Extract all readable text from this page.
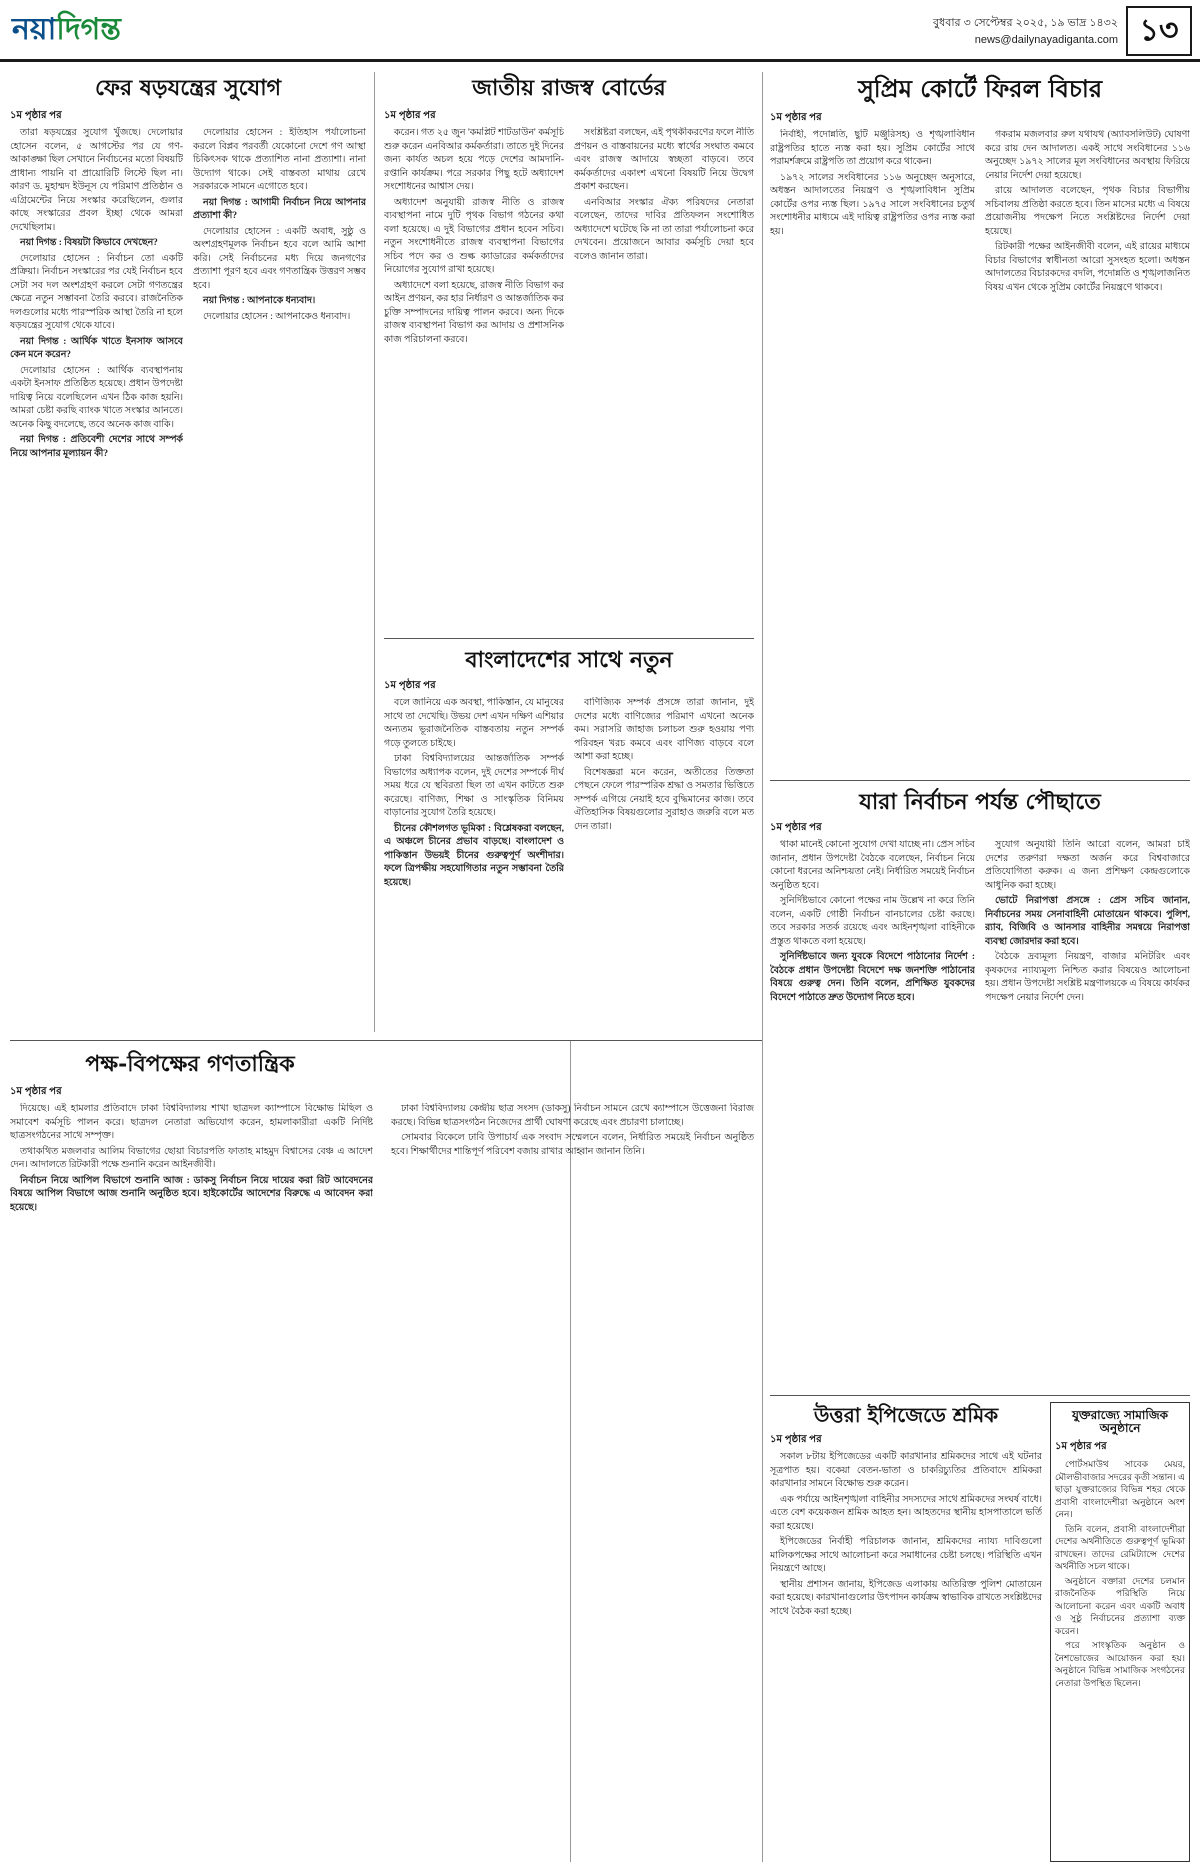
নয়াদিগন্ত	বুধবার ৩ সেপ্টেম্বর ২০২৫, ১৯ ভাদ্র ১৪৩২
news@dailynayadiganta.com ১৩
ফের ষড়যন্ত্রের সুযোগ
১ম পৃষ্ঠার পর

তারা ষড়যন্ত্রের সুযোগ খুঁজছে। দেলোয়ার হোসেন বলেন, ৫ আগস্টের পর যে গণ-আকাঙ্ক্ষা ছিল সেখানে নির্বাচনের মতো বিষয়টি প্রাধান্য পায়নি বা প্রায়োরিটি লিস্টে ছিল না। কারণ ড. মুহাম্মদ ইউনূস যে পরিমাণ প্রতিষ্ঠান ও এগ্রিমেন্টের নিয়ে সংস্কার করেছিলেন, গুলার কাছে সংস্কারের প্রবল ইচ্ছা থেকে আমরা দেখেছিলাম।

নয়া দিগন্ত : বিষয়টা কিভাবে দেখছেন?

দেলোয়ার হোসেন : নির্বাচন তো একটি প্রক্রিয়া। নির্বাচন সংস্কারের পর যেই নির্বাচন হবে সেটা সব দল অংশগ্রহণ করলে সেটা গণতন্ত্রের ক্ষেত্রে নতুন সম্ভাবনা তৈরি করবে। রাজনৈতিক দলগুলোর মধ্যে পারস্পরিক আস্থা তৈরি না হলে ষড়যন্ত্রের সুযোগ থেকে যাবে।

নয়া দিগন্ত : আর্থিক খাতে ইনসাফ আসবে কেন মনে করেন?

দেলোয়ার হোসেন : আর্থিক ব্যবস্থাপনায় একটা ইনসাফ প্রতিষ্ঠিত হয়েছে। প্রধান উপদেষ্টা দায়িত্ব নিয়ে বলেছিলেন এখন ঠিক কাজ হয়নি। আমরা চেষ্টা করছি ব্যাংক খাতে সংস্কার আনতে। অনেক কিছু বদলেছে, তবে অনেক কাজ বাকি।

নয়া দিগন্ত : প্রতিবেশী দেশের সাথে সম্পর্ক নিয়ে আপনার মূল্যায়ন কী?

দেলোয়ার হোসেন : ইতিহাস পর্যালোচনা করলে বিপ্লব পরবর্তী যেকোনো দেশে গণ আস্থা চিকিৎসক থাকে প্রত্যাশিত নানা প্রত্যাশা। নানা উদ্যোগ থাকে। সেই বাস্তবতা মাথায় রেখে সরকারকে সামনে এগোতে হবে।

নয়া দিগন্ত : আগামী নির্বাচন নিয়ে আপনার প্রত্যাশা কী?

দেলোয়ার হোসেন : একটি অবাধ, সুষ্ঠু ও অংশগ্রহণমূলক নির্বাচন হবে বলে আমি আশা করি। সেই নির্বাচনের মধ্য দিয়ে জনগণের প্রত্যাশা পূরণ হবে এবং গণতান্ত্রিক উত্তরণ সম্ভব হবে।

নয়া দিগন্ত : আপনাকে ধন্যবাদ।

দেলোয়ার হোসেন : আপনাকেও ধন্যবাদ।

জাতীয় রাজস্ব বোর্ডের
১ম পৃষ্ঠার পর

করেন। গত ২৫ জুন 'কমপ্লিট শাটডাউন' কর্মসূচি শুরু করেন এনবিআর কর্মকর্তারা। তাতে দুই দিনের জন্য কার্যত অচল হয়ে পড়ে দেশের আমদানি-রপ্তানি কার্যক্রম। পরে সরকার পিছু হটে অধ্যাদেশ সংশোধনের আশ্বাস দেয়।

অধ্যাদেশ অনুযায়ী রাজস্ব নীতি ও রাজস্ব ব্যবস্থাপনা নামে দুটি পৃথক বিভাগ গঠনের কথা বলা হয়েছে। এ দুই বিভাগের প্রধান হবেন সচিব। নতুন সংশোধনীতে রাজস্ব ব্যবস্থাপনা বিভাগের সচিব পদে কর ও শুল্ক ক্যাডারের কর্মকর্তাদের নিয়োগের সুযোগ রাখা হয়েছে।

অধ্যাদেশে বলা হয়েছে, রাজস্ব নীতি বিভাগ কর আইন প্রণয়ন, কর হার নির্ধারণ ও আন্তর্জাতিক কর চুক্তি সম্পাদনের দায়িত্ব পালন করবে। অন্য দিকে রাজস্ব ব্যবস্থাপনা বিভাগ কর আদায় ও প্রশাসনিক কাজ পরিচালনা করবে।

সংশ্লিষ্টরা বলছেন, এই পৃথকীকরণের ফলে নীতি প্রণয়ন ও বাস্তবায়নের মধ্যে স্বার্থের সংঘাত কমবে এবং রাজস্ব আদায়ে স্বচ্ছতা বাড়বে। তবে কর্মকর্তাদের একাংশ এখনো বিষয়টি নিয়ে উদ্বেগ প্রকাশ করছেন।

এনবিআর সংস্কার ঐক্য পরিষদের নেতারা বলেছেন, তাদের দাবির প্রতিফলন সংশোধিত অধ্যাদেশে ঘটেছে কি না তা তারা পর্যালোচনা করে দেখবেন। প্রয়োজনে আবার কর্মসূচি দেয়া হবে বলেও জানান তারা।

বাংলাদেশের সাথে নতুন
১ম পৃষ্ঠার পর

বলে জানিয়ে এক অবস্থা, পাকিস্তান, যে মানুষের সাথে তা দেখেছি। উভয় দেশ এখন দক্ষিণ এশিয়ার অন্যতম ভূরাজনৈতিক বাস্তবতায় নতুন সম্পর্ক গড়ে তুলতে চাইছে।

ঢাকা বিশ্ববিদ্যালয়ের আন্তর্জাতিক সম্পর্ক বিভাগের অধ্যাপক বলেন, দুই দেশের সম্পর্কে দীর্ঘ সময় ধরে যে স্থবিরতা ছিল তা এখন কাটতে শুরু করেছে। বাণিজ্য, শিক্ষা ও সাংস্কৃতিক বিনিময় বাড়ানোর সুযোগ তৈরি হয়েছে।

চীনের কৌশলগত ভূমিকা : বিশ্লেষকরা বলছেন, এ অঞ্চলে চীনের প্রভাব বাড়ছে। বাংলাদেশ ও পাকিস্তান উভয়ই চীনের গুরুত্বপূর্ণ অংশীদার। ফলে ত্রিপক্ষীয় সহযোগিতার নতুন সম্ভাবনা তৈরি হয়েছে।

বাণিজ্যিক সম্পর্ক প্রসঙ্গে তারা জানান, দুই দেশের মধ্যে বাণিজ্যের পরিমাণ এখনো অনেক কম। সরাসরি জাহাজ চলাচল শুরু হওয়ায় পণ্য পরিবহন খরচ কমবে এবং বাণিজ্য বাড়বে বলে আশা করা হচ্ছে।

বিশেষজ্ঞরা মনে করেন, অতীতের তিক্ততা পেছনে ফেলে পারস্পরিক শ্রদ্ধা ও সমতার ভিত্তিতে সম্পর্ক এগিয়ে নেয়াই হবে বুদ্ধিমানের কাজ। তবে ঐতিহাসিক বিষয়গুলোর সুরাহাও জরুরি বলে মত দেন তারা।

সুপ্রিম কোর্টে ফিরল বিচার
১ম পৃষ্ঠার পর

নির্বাহী, পদোন্নতি, ছুটি মঞ্জুরিসহ) ও শৃঙ্খলাবিধান রাষ্ট্রপতির হাতে ন্যস্ত করা হয়। সুপ্রিম কোর্টের সাথে পরামর্শক্রমে রাষ্ট্রপতি তা প্রয়োগ করে থাকেন।

১৯৭২ সালের সংবিধানের ১১৬ অনুচ্ছেদ অনুসারে, অধস্তন আদালতের নিয়ন্ত্রণ ও শৃঙ্খলাবিধান সুপ্রিম কোর্টের ওপর ন্যস্ত ছিল। ১৯৭৫ সালে সংবিধানের চতুর্থ সংশোধনীর মাধ্যমে এই দায়িত্ব রাষ্ট্রপতির ওপর ন্যস্ত করা হয়।

গকরাম মজলবার রুল যথাযথ (অ্যাবসলিউট) ঘোষণা করে রায় দেন আদালত। একই সাথে সংবিধানের ১১৬ অনুচ্ছেদ ১৯৭২ সালের মূল সংবিধানের অবস্থায় ফিরিয়ে নেয়ার নির্দেশ দেয়া হয়েছে।

রায়ে আদালত বলেছেন, পৃথক বিচার বিভাগীয় সচিবালয় প্রতিষ্ঠা করতে হবে। তিন মাসের মধ্যে এ বিষয়ে প্রয়োজনীয় পদক্ষেপ নিতে সংশ্লিষ্টদের নির্দেশ দেয়া হয়েছে।

রিটকারী পক্ষের আইনজীবী বলেন, এই রায়ের মাধ্যমে বিচার বিভাগের স্বাধীনতা আরো সুসংহত হলো। অধস্তন আদালতের বিচারকদের বদলি, পদোন্নতি ও শৃঙ্খলাজনিত বিষয় এখন থেকে সুপ্রিম কোর্টের নিয়ন্ত্রণে থাকবে।

যারা নির্বাচন পর্যন্ত পৌছাতে
১ম পৃষ্ঠার পর

থাকা মানেই কোনো সুযোগ দেখা যাচ্ছে না। প্রেস সচিব জানান, প্রধান উপদেষ্টা বৈঠকে বলেছেন, নির্বাচন নিয়ে কোনো ধরনের অনিশ্চয়তা নেই। নির্ধারিত সময়েই নির্বাচন অনুষ্ঠিত হবে।

সুনির্দিষ্টভাবে কোনো পক্ষের নাম উল্লেখ না করে তিনি বলেন, একটি গোষ্ঠী নির্বাচন বানচালের চেষ্টা করছে। তবে সরকার সতর্ক রয়েছে এবং আইনশৃঙ্খলা বাহিনীকে প্রস্তুত থাকতে বলা হয়েছে।

সুনির্দিষ্টভাবে জন্য যুবকে বিদেশে পাঠানোর নির্দেশ : বৈঠকে প্রধান উপদেষ্টা বিদেশে দক্ষ জনশক্তি পাঠানোর বিষয়ে গুরুত্ব দেন। তিনি বলেন, প্রশিক্ষিত যুবকদের বিদেশে পাঠাতে দ্রুত উদ্যোগ নিতে হবে।

সুযোগ অনুযায়ী তিনি আরো বলেন, আমরা চাই দেশের তরুণরা দক্ষতা অর্জন করে বিশ্ববাজারে প্রতিযোগিতা করুক। এ জন্য প্রশিক্ষণ কেন্দ্রগুলোকে আধুনিক করা হচ্ছে।

ভোটে নিরাপত্তা প্রসঙ্গে : প্রেস সচিব জানান, নির্বাচনের সময় সেনাবাহিনী মোতায়েন থাকবে। পুলিশ, র‍্যাব, বিজিবি ও আনসার বাহিনীর সমন্বয়ে নিরাপত্তা ব্যবস্থা জোরদার করা হবে।

বৈঠকে দ্রব্যমূল্য নিয়ন্ত্রণ, বাজার মনিটরিং এবং কৃষকদের ন্যায্যমূল্য নিশ্চিত করার বিষয়েও আলোচনা হয়। প্রধান উপদেষ্টা সংশ্লিষ্ট মন্ত্রণালয়কে এ বিষয়ে কার্যকর পদক্ষেপ নেয়ার নির্দেশ দেন।

পক্ষ-বিপক্ষের গণতান্ত্রিক
১ম পৃষ্ঠার পর

দিয়েছে। এই হামলার প্রতিবাদে ঢাকা বিশ্ববিদ্যালয় শাখা ছাত্রদল ক্যাম্পাসে বিক্ষোভ মিছিল ও সমাবেশ কর্মসূচি পালন করে। ছাত্রদল নেতারা অভিযোগ করেন, হামলাকারীরা একটি নির্দিষ্ট ছাত্রসংগঠনের সাথে সম্পৃক্ত।

তথাকথিত মজলবার আলিম বিভাগের ছোয়া বিচারপতি ফাতাহ মাহমুদ বিশ্বাসের বেঞ্চ এ আদেশ দেন। আদালতে রিটকারী পক্ষে শুনানি করেন আইনজীবী।

নির্বাচন নিয়ে আপিল বিভাগে শুনানি আজ : ডাকসু নির্বাচন নিয়ে দায়ের করা রিট আবেদনের বিষয়ে আপিল বিভাগে আজ শুনানি অনুষ্ঠিত হবে। হাইকোর্টের আদেশের বিরুদ্ধে এ আবেদন করা হয়েছে।

ঢাকা বিশ্ববিদ্যালয় কেন্দ্রীয় ছাত্র সংসদ (ডাকসু) নির্বাচন সামনে রেখে ক্যাম্পাসে উত্তেজনা বিরাজ করছে। বিভিন্ন ছাত্রসংগঠন নিজেদের প্রার্থী ঘোষণা করেছে এবং প্রচারণা চালাচ্ছে।

সোমবার বিকেলে ঢাবি উপাচার্য এক সংবাদ সম্মেলনে বলেন, নির্ধারিত সময়েই নির্বাচন অনুষ্ঠিত হবে। শিক্ষার্থীদের শান্তিপূর্ণ পরিবেশ বজায় রাখার আহ্বান জানান তিনি।

উত্তরা ইপিজেডে শ্রমিক
১ম পৃষ্ঠার পর

সকাল ৮টায় ইপিজেডের একটি কারখানার শ্রমিকদের সাথে এই ঘটনার সূত্রপাত হয়। বকেয়া বেতন-ভাতা ও চাকরিচ্যুতির প্রতিবাদে শ্রমিকরা কারখানার সামনে বিক্ষোভ শুরু করেন।

এক পর্যায়ে আইনশৃঙ্খলা বাহিনীর সদস্যদের সাথে শ্রমিকদের সংঘর্ষ বাধে। এতে বেশ কয়েকজন শ্রমিক আহত হন। আহতদের স্থানীয় হাসপাতালে ভর্তি করা হয়েছে।

ইপিজেডের নির্বাহী পরিচালক জানান, শ্রমিকদের ন্যায্য দাবিগুলো মালিকপক্ষের সাথে আলোচনা করে সমাধানের চেষ্টা চলছে। পরিস্থিতি এখন নিয়ন্ত্রণে আছে।

স্থানীয় প্রশাসন জানায়, ইপিজেড এলাকায় অতিরিক্ত পুলিশ মোতায়েন করা হয়েছে। কারখানাগুলোর উৎপাদন কার্যক্রম স্বাভাবিক রাখতে সংশ্লিষ্টদের সাথে বৈঠক করা হচ্ছে।

যুক্তরাজ্যে সামাজিক অনুষ্ঠানে
১ম পৃষ্ঠার পর

পোর্টসমাউথ সাবেক মেয়র, মৌলভীবাজার সদরের কৃতী সন্তান। এ ছাড়া যুক্তরাজ্যের বিভিন্ন শহর থেকে প্রবাসী বাংলাদেশীরা অনুষ্ঠানে অংশ নেন।

তিনি বলেন, প্রবাসী বাংলাদেশীরা দেশের অর্থনীতিতে গুরুত্বপূর্ণ ভূমিকা রাখছেন। তাদের রেমিট্যান্সে দেশের অর্থনীতি সচল থাকে।

অনুষ্ঠানে বক্তারা দেশের চলমান রাজনৈতিক পরিস্থিতি নিয়ে আলোচনা করেন এবং একটি অবাধ ও সুষ্ঠু নির্বাচনের প্রত্যাশা ব্যক্ত করেন।

পরে সাংস্কৃতিক অনুষ্ঠান ও নৈশভোজের আয়োজন করা হয়। অনুষ্ঠানে বিভিন্ন সামাজিক সংগঠনের নেতারা উপস্থিত ছিলেন।
